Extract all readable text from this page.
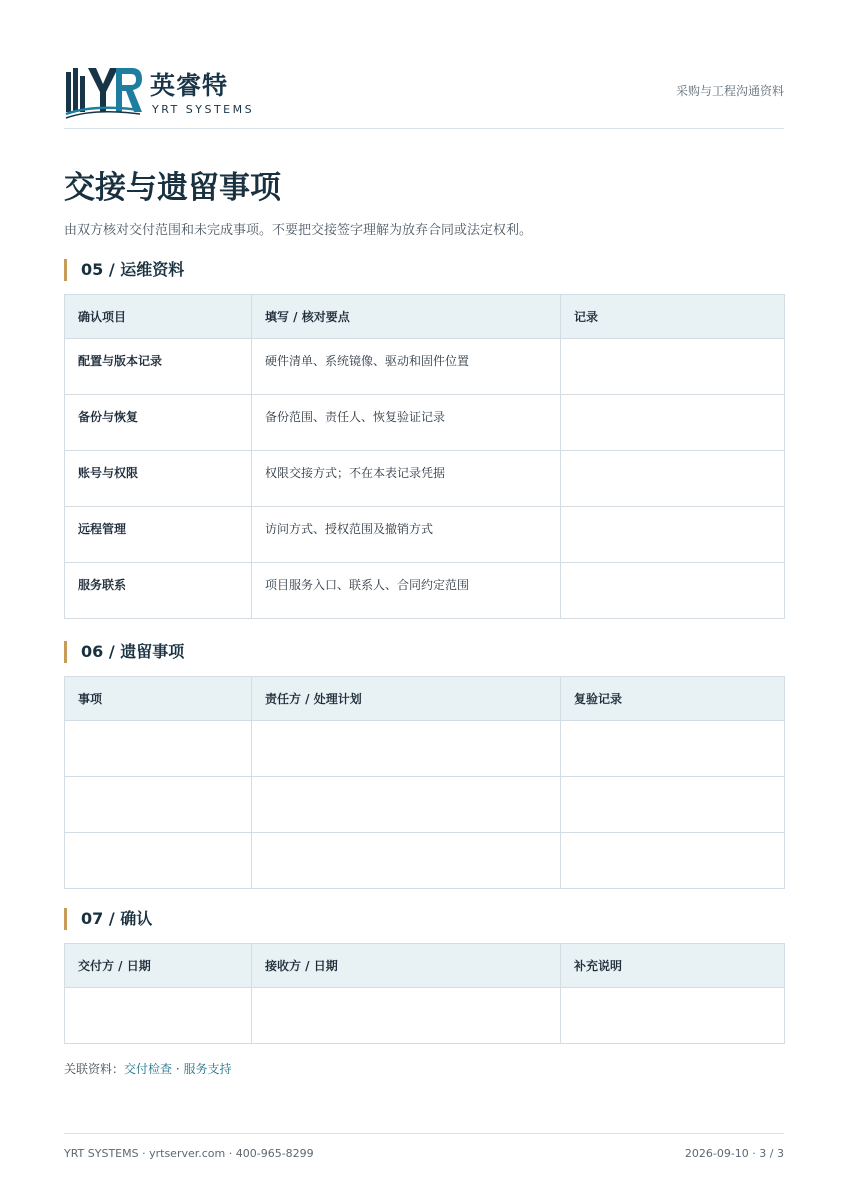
英睿特
YRT SYSTEMS
采购与工程沟通资料
交接与遗留事项
由双方核对交付范围和未完成事项。不要把交接签字理解为放弃合同或法定权利。
05 / 运维资料
确认项目	填写 / 核对要点	记录
配置与版本记录	硬件清单、系统镜像、驱动和固件位置	
备份与恢复	备份范围、责任人、恢复验证记录	
账号与权限	权限交接方式；不在本表记录凭据	
远程管理	访问方式、授权范围及撤销方式	
服务联系	项目服务入口、联系人、合同约定范围	
06 / 遗留事项
事项	责任方 / 处理计划	复验记录

07 / 确认
交付方 / 日期	接收方 / 日期	补充说明

关联资料：交付检查 · 服务支持
YRT SYSTEMS · yrtserver.com · 400-965-8299	2026-09-10 · 3 / 3
